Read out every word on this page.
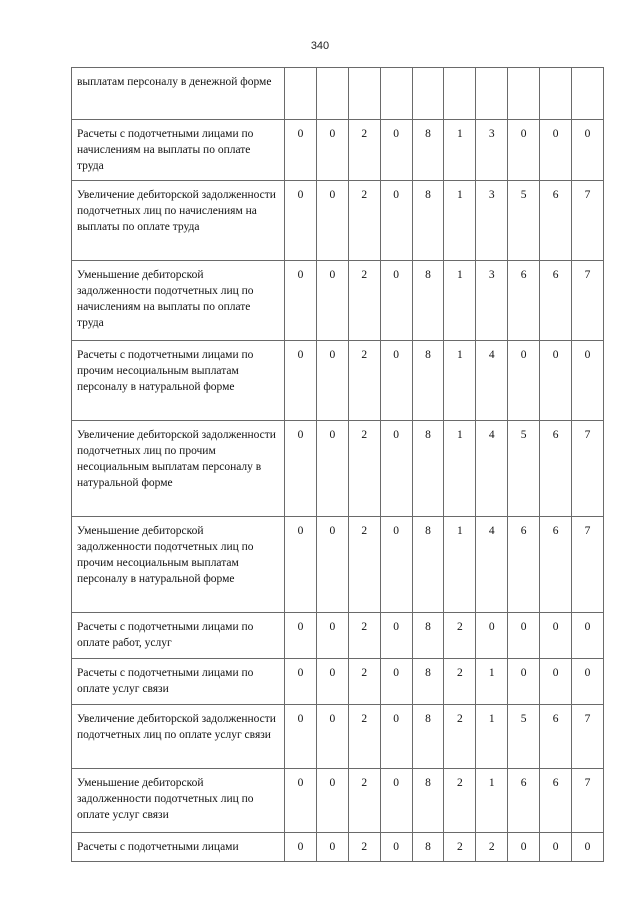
340
выплатам персоналу в денежной форме										
Расчеты с подотчетными лицами по начислениям на выплаты по оплате труда	0	0	2	0	8	1	3	0	0	0
Увеличение дебиторской задолженности подотчетных лиц по начислениям на выплаты по оплате труда	0	0	2	0	8	1	3	5	6	7
Уменьшение дебиторской задолженности подотчетных лиц по начислениям на выплаты по оплате труда	0	0	2	0	8	1	3	6	6	7
Расчеты с подотчетными лицами по прочим несоциальным выплатам персоналу в натуральной форме	0	0	2	0	8	1	4	0	0	0
Увеличение дебиторской задолженности подотчетных лиц по прочим несоциальным выплатам персоналу в натуральной форме	0	0	2	0	8	1	4	5	6	7
Уменьшение дебиторской задолженности подотчетных лиц по прочим несоциальным выплатам персоналу в натуральной форме	0	0	2	0	8	1	4	6	6	7
Расчеты с подотчетными лицами по оплате работ, услуг	0	0	2	0	8	2	0	0	0	0
Расчеты с подотчетными лицами по оплате услуг связи	0	0	2	0	8	2	1	0	0	0
Увеличение дебиторской задолженности подотчетных лиц по оплате услуг связи	0	0	2	0	8	2	1	5	6	7
Уменьшение дебиторской задолженности подотчетных лиц по оплате услуг связи	0	0	2	0	8	2	1	6	6	7
Расчеты с подотчетными лицами	0	0	2	0	8	2	2	0	0	0
